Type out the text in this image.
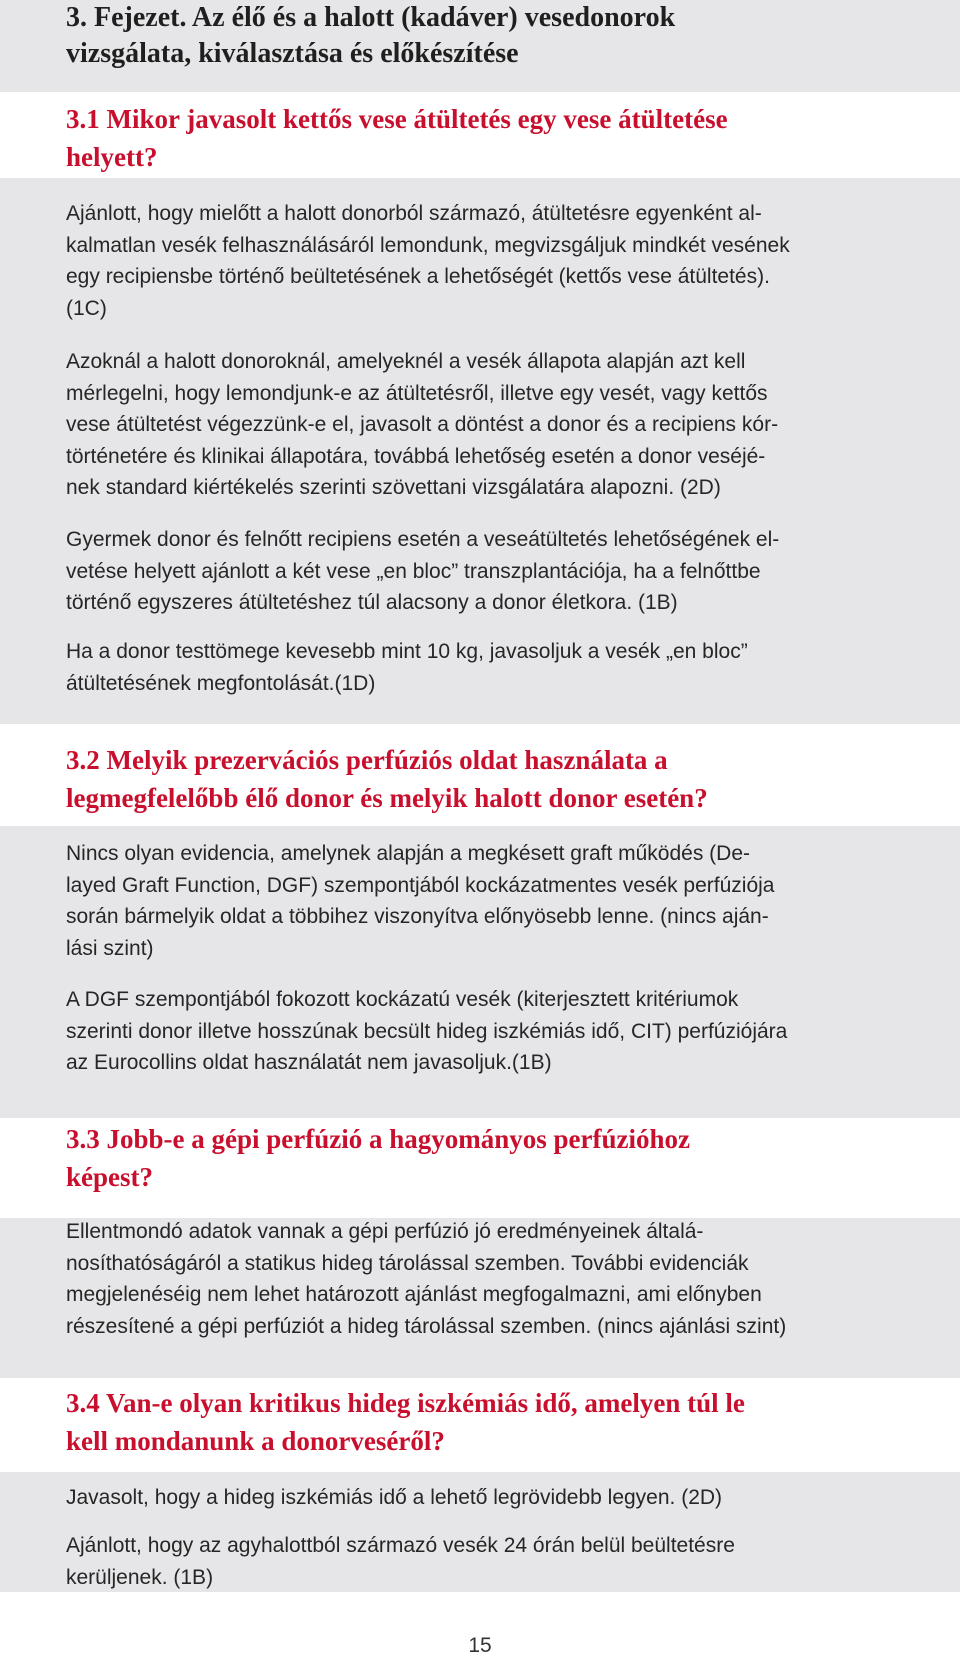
3. Fejezet. Az élő és a halott (kadáver) vesedonorok
vizsgálata, kiválasztása és előkészítése
3.1 Mikor javasolt kettős vese átültetés egy vese átültetése
helyett?

Ajánlott, hogy mielőtt a halott donorból származó, átültetésre egyenként al-
kalmatlan vesék felhasználásáról lemondunk, megvizsgáljuk mindkét vesének
egy recipiensbe történő beültetésének a lehetőségét (kettős vese átültetés).
(1C)

Azoknál a halott donoroknál, amelyeknél a vesék állapota alapján azt kell
mérlegelni, hogy lemondjunk-e az átültetésről, illetve egy vesét, vagy kettős
vese átültetést végezzünk-e el, javasolt a döntést a donor és a recipiens kór-
történetére és klinikai állapotára, továbbá lehetőség esetén a donor veséjé-
nek standard kiértékelés szerinti szövettani vizsgálatára alapozni. (2D)

Gyermek donor és felnőtt recipiens esetén a veseátültetés lehetőségének el-
vetése helyett ajánlott a két vese „en bloc” transzplantációja, ha a felnőttbe
történő egyszeres átültetéshez túl alacsony a donor életkora. (1B)

Ha a donor testtömege kevesebb mint 10 kg, javasoljuk a vesék „en bloc”
átültetésének megfontolását.(1D)

3.2 Melyik prezervációs perfúziós oldat használata a
legmegfelelőbb élő donor és melyik halott donor esetén?

Nincs olyan evidencia, amelynek alapján a megkésett graft működés (De-
layed Graft Function, DGF) szempontjából kockázatmentes vesék perfúziója
során bármelyik oldat a többihez viszonyítva előnyösebb lenne. (nincs aján-
lási szint)

A DGF szempontjából fokozott kockázatú vesék (kiterjesztett kritériumok
szerinti donor illetve hosszúnak becsült hideg iszkémiás idő, CIT) perfúziójára
az Eurocollins oldat használatát nem javasoljuk.(1B)

3.3 Jobb-e a gépi perfúzió a hagyományos perfúzióhoz
képest?

Ellentmondó adatok vannak a gépi perfúzió jó eredményeinek általá-
nosíthatóságáról a statikus hideg tárolással szemben. További evidenciák
megjelenéséig nem lehet határozott ajánlást megfogalmazni, ami előnyben
részesítené a gépi perfúziót a hideg tárolással szemben. (nincs ajánlási szint)

3.4 Van-e olyan kritikus hideg iszkémiás idő, amelyen túl le
kell mondanunk a donorveséről?

Javasolt, hogy a hideg iszkémiás idő a lehető legrövidebb legyen. (2D)

Ajánlott, hogy az agyhalottból származó vesék 24 órán belül beültetésre
kerüljenek. (1B)

15
